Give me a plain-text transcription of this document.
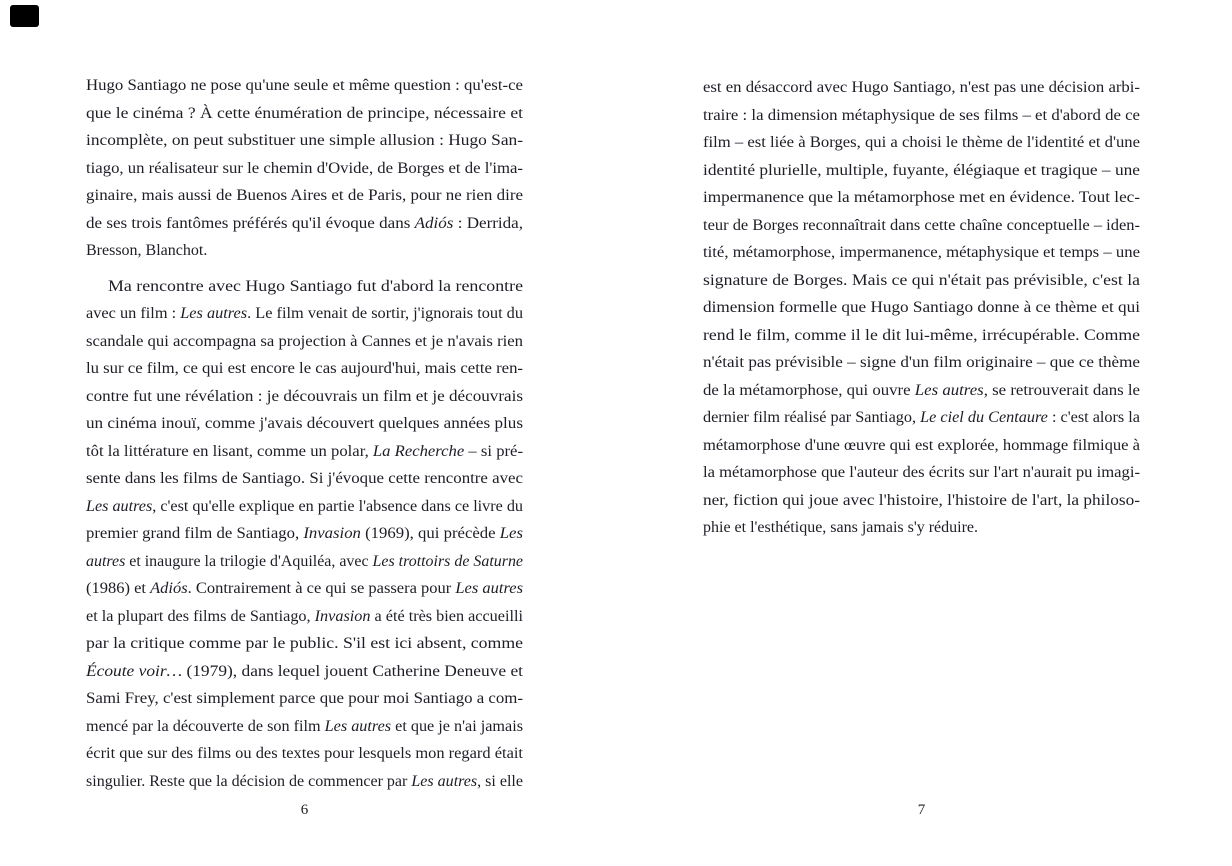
Hugo Santiago ne pose qu'une seule et même question : qu'est-ce
que le cinéma ? À cette énumération de principe, nécessaire et
incomplète, on peut substituer une simple allusion : Hugo San-
tiago, un réalisateur sur le chemin d'Ovide, de Borges et de l'ima-
ginaire, mais aussi de Buenos Aires et de Paris, pour ne rien dire
de ses trois fantômes préférés qu'il évoque dans Adiós : Derrida,
Bresson, Blanchot.
Ma rencontre avec Hugo Santiago fut d'abord la rencontre
avec un film : Les autres. Le film venait de sortir, j'ignorais tout du
scandale qui accompagna sa projection à Cannes et je n'avais rien
lu sur ce film, ce qui est encore le cas aujourd'hui, mais cette ren-
contre fut une révélation : je découvrais un film et je découvrais
un cinéma inouï, comme j'avais découvert quelques années plus
tôt la littérature en lisant, comme un polar, La Recherche – si pré-
sente dans les films de Santiago. Si j'évoque cette rencontre avec
Les autres, c'est qu'elle explique en partie l'absence dans ce livre du
premier grand film de Santiago, Invasion (1969), qui précède Les
autres et inaugure la trilogie d'Aquiléa, avec Les trottoirs de Saturne
(1986) et Adiós. Contrairement à ce qui se passera pour Les autres
et la plupart des films de Santiago, Invasion a été très bien accueilli
par la critique comme par le public. S'il est ici absent, comme
Écoute voir… (1979), dans lequel jouent Catherine Deneuve et
Sami Frey, c'est simplement parce que pour moi Santiago a com-
mencé par la découverte de son film Les autres et que je n'ai jamais
écrit que sur des films ou des textes pour lesquels mon regard était
singulier. Reste que la décision de commencer par Les autres, si elle
est en désaccord avec Hugo Santiago, n'est pas une décision arbi-
traire : la dimension métaphysique de ses films – et d'abord de ce
film – est liée à Borges, qui a choisi le thème de l'identité et d'une
identité plurielle, multiple, fuyante, élégiaque et tragique – une
impermanence que la métamorphose met en évidence. Tout lec-
teur de Borges reconnaîtrait dans cette chaîne conceptuelle – iden-
tité, métamorphose, impermanence, métaphysique et temps – une
signature de Borges. Mais ce qui n'était pas prévisible, c'est la
dimension formelle que Hugo Santiago donne à ce thème et qui
rend le film, comme il le dit lui-même, irrécupérable. Comme
n'était pas prévisible – signe d'un film originaire – que ce thème
de la métamorphose, qui ouvre Les autres, se retrouverait dans le
dernier film réalisé par Santiago, Le ciel du Centaure : c'est alors la
métamorphose d'une œuvre qui est explorée, hommage filmique à
la métamorphose que l'auteur des écrits sur l'art n'aurait pu imagi-
ner, fiction qui joue avec l'histoire, l'histoire de l'art, la philoso-
phie et l'esthétique, sans jamais s'y réduire.
6	7
